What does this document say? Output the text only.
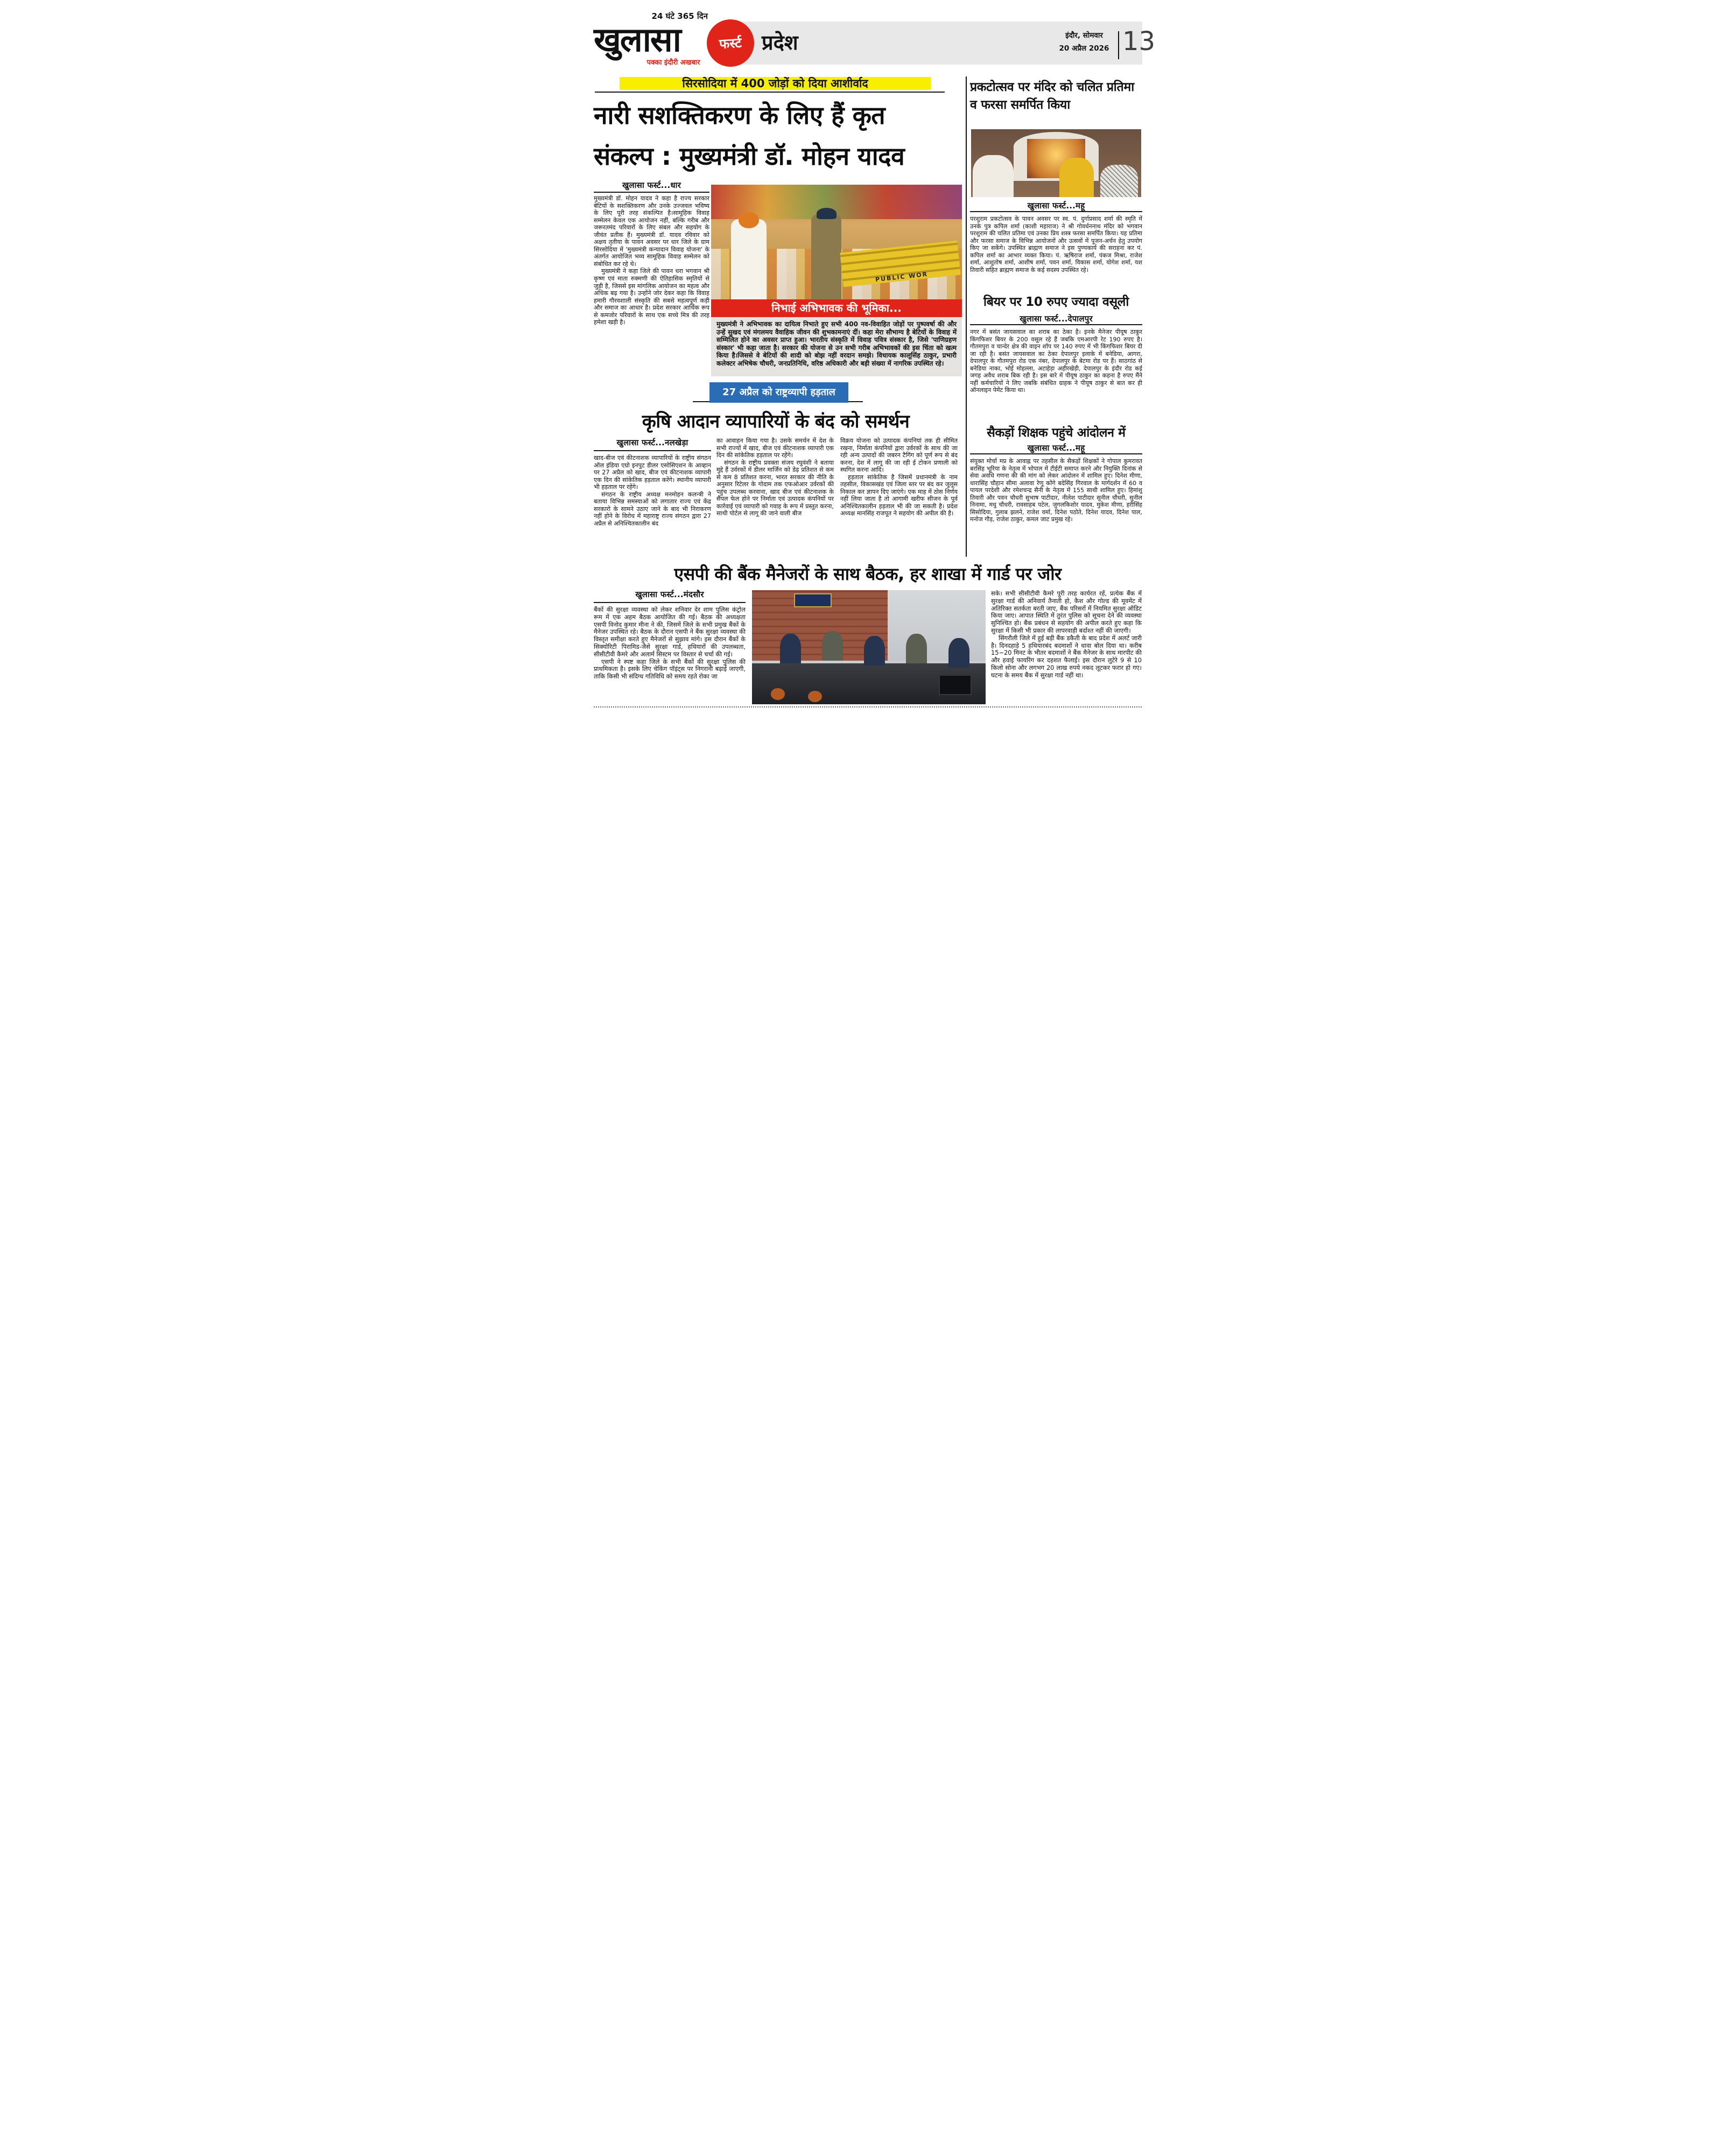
24 घंटे 365 दिन
खुलासा	फर्स्ट
पक्का इंदौरी अखबार
प्रदेश	इंदौर, सोमवार
20 अप्रैल 2026 13
सिरसोदिया में 400 जोड़ों को दिया आशीर्वाद
नारी सशक्तिकरण के लिए हैं कृत
संकल्प : मुख्यमंत्री डॉ. मोहन यादव
खुलासा फर्स्ट...धार

मुख्यमंत्री डॉ. मोहन यादव ने कहा है राज्य सरकार बेटियों के सशक्तिकरण और उनके उज्जवल भविष्य के लिए पूरी तरह संकल्पित है।सामूहिक विवाह सम्मेलन केवल एक आयोजन नहीं, बल्कि गरीब और जरूरतमंद परिवारों के लिए संबल और सहयोग के जीवंत प्रतीक हैं। मुख्यमंत्री डॉ. यादव रविवार को अक्षय तृतीया के पावन अवसर पर धार जिले के ग्राम सिरसोदिया में 'मुख्यमंत्री कन्यादान विवाह योजना' के अंतर्गत आयोजित भव्य सामूहिक विवाह सम्मेलन को संबोधित कर रहे थे।

मुख्यमंत्री ने कहा जिले की पावन धरा भगवान श्री कृष्ण एवं माता रुक्मणी की ऐतिहासिक स्मृतियों से जुड़ी है, जिससे इस मांगलिक आयोजन का महत्व और अधिक बढ़ गया है। उन्होंने जोर देकर कहा कि विवाह हमारी गौरवशाली संस्कृति की सबसे महत्वपूर्ण कड़ी और समाज का आधार है। प्रदेश सरकार आर्थिक रूप से कमजोर परिवारों के साथ एक सच्चे मित्र की तरह हमेशा खड़ी है।

PUBLIC WOR
निभाई अभिभावक की भूमिका...
मुख्यमंत्री ने अभिभावक का दायित्व निभाते हुए सभी 400 नव-विवाहित जोड़ों पर पुष्पवर्षा की और उन्हें सुखद एवं मंगलमय वैवाहिक जीवन की शुभकामनाएं दीं। कहा मेरा सौभाग्य है बेटियों के विवाह में सम्मिलित होने का अवसर प्राप्त हुआ। भारतीय संस्कृति में विवाह पवित्र संस्कार है, जिसे 'पाणिग्रहण संस्कार' भी कहा जाता है। सरकार की योजना से उन सभी गरीब अभिभावकों की इस चिंता को खत्म किया है।जिससे वे बेटियों की शादी को बोझ नहीं वरदान समझे। विधायक कालूसिंह ठाकुर, प्रभारी कलेक्टर अभिषेक चौधरी, जनप्रतिनिधि, वरिष्ठ अधिकारी और बड़ी संख्या में नागरिक उपस्थित रहे।
27 अप्रैल को राष्ट्रव्यापी हड़ताल
कृषि आदान व्यापारियों के बंद को समर्थन
खुलासा फर्स्ट...नलखेड़ा

खाद-बीज एवं कीटनाशक व्यापारियों के राष्ट्रीय संगठन ऑल इंडिया एग्रो इनपुट डीलर एसोसिएशन के आव्हान पर 27 अप्रैल को खाद, बीज एवं कीटनाशक व्यापारी एक दिन की सांकेतिक हड़ताल करेंगे। स्थानीय व्यापारी भी हड़ताल पर रहेंगे।

संगठन के राष्ट्रीय अध्यक्ष मनमोहन कलन्त्री ने बताया विभिन्न समस्याओं को लगातार राज्य एवं केंद्र सरकारो के सामने उठाए जाने के बाद भी निराकरण नहीं होने के विरोध में महाराष्ट्र राज्य संगठन द्वारा 27 अप्रैल से अनिश्चितकालीन बंद

का आवाहन किया गया है। उसके समर्थन में देश के सभी राज्यों में खाद, बीज एवं कीटनाशक व्यापारी एक दिन की सांकेतिक हड़ताल पर रहेंगे।

संगठन के राष्ट्रीय प्रवक्ता संजय रघुवंशी ने बताया मुद्दे हैं उर्वरकों में डीलर मार्जिन को डेढ़ प्रतिशत से कम से कम 8 प्रतिशत करना, भारत सरकार की नीति के अनुसार रिटेलर के गोदाम तक एफओआर उर्वरकों की पहुंच उपलब्ध करवाना, खाद बीज एवं कीटनाशक के सैंपल फेल होने पर निर्माता एवं उत्पादक कंपनियों पर कार्रवाई एवं व्यापारी को गवाह के रूप में प्रस्तुत करना, साथी पोर्टल से लागू की जाने वाली बीज

विक्रय योजना को उत्पादक कंपनियां तक ही सीमित रखना, निर्माता कंपनियों द्वारा उर्वरकों के साथ की जा रही अन्य उत्पादों की जबरन टैगिंग को पूर्ण रूप से बंद करना, देश में लागू की जा रही ई टोकन प्रणाली को स्थगित करना आदि।

हड़ताल सांकेतिक है जिसमें प्रधानमंत्री के नाम तहसील, विकासखंड एवं जिला स्तर पर बंद कर जुलूस निकाल कर ज्ञापन दिए जाएंगे। एक माह में ठोस निर्णय नहीं लिया जाता है तो आगामी खरीफ सीजन के पूर्व अनिश्चितकालीन हड़ताल भी की जा सकती है। प्रदेश अध्यक्ष मानसिंह राजपूत ने सहयोग की अपील की है।

प्रकटोत्सव पर मंदिर को चलित प्रतिमा व फरसा समर्पित किया
खुलासा फर्स्ट...महू
परशुराम प्रकटोत्सव के पावन अवसर पर स्व. पं. दुर्गाप्रसाद शर्मा की स्मृति में उनके पुत्र कपिल शर्मा (काशी महाराज) ने श्री गोवर्धननाथ मंदिर को भगवान परशुराम की चलित प्रतिमा एवं उनका प्रिय शस्त्र फरसा समर्पित किया। यह प्रतिमा और फरसा समाज के विभिन्न आयोजनों और उत्सवों में पूजन-अर्चन हेतु उपयोग किए जा सकेंगे। उपस्थित ब्राह्मण समाज ने इस पुण्यकार्य की सराहना कर पं. कपिल शर्मा का आभार व्यक्त किया। पं. ऋषिराज शर्मा, पंकज मिश्रा, राजेश शर्मा, आशुतोष शर्मा, आशीष शर्मा, पवन शर्मा, विकास शर्मा, योगेश शर्मा, यश तिवारी सहित ब्राह्मण समाज के कई सदस्य उपस्थित रहे।
बियर पर 10 रुपए ज्यादा वसूली
खुलासा फर्स्ट...देपालपुर
नगर में बसंत जायसवाल का शराब का ठेका है। इनके मैनेजर पीयूष ठाकुर किंगफिशर बियर के 200 वसूल रहे हैं जबकि एमआरपी रेट 190 रुपए है। गौतमपुरा व चान्देर क्षेत्र की वाइन शॉप पर 140 रुपए में भी किंगफिशर बियर दी जा रही है। बसंत जायसवाल का ठेका देपालपुर इलाके में बनेडिया, आगरा, देपालपुर के गौतमपुरा रोड एक नंबर, देपालपुर के बेटमा रोड पर हैं। साठगांठ से बनेडिया नाका, भोई मोहल्ला, अटाहेड़ा अहीरखेड़ी, देपालपुर के इंदौर रोड कई जगह अवैध शराब बिक रही है। इस बारे में पीयूष ठाकुर का कहना है रुपए मैंने नहीं कर्मचारियों ने लिए जबकि संबंधित ग्राहक ने पीयूष ठाकुर से बात कर ही ऑनलाइन पेमेंट किया था।
सैकड़ों शिक्षक पहुंचे आंदोलन में
खुलासा फर्स्ट...महू
संयुक्त मोर्चा मप्र के आवाह्न पर तहसील के सैकड़ों शिक्षकों ने गोपाल कुमरावत बरसिंह भूरिया के नेतृत्व में भोपाल में टीईटी समाप्त करने और नियुक्ति दिनांक से सेवा अवधि गणना की की मांग को लेकर आंदोलन में शामिल हुए। दिनेश मीणा, धारासिंह चौहान सीमा अलावा रेणू कोंगे बदेसिंह गिरवाल के मार्गदर्शन में 60 व पायल परदेशी और रमेशचन्द्र सैनी के नेतृत्व में 155 साथी शामिल हुए। हिमांशु तिवारी और पवन चौधरी सुभाष पाटीदार, नीलेश पाटीदार सुनील चौधरी, सुनील निनामा, मधु चौधरी, रावसाहब पटेल, जुगलकिशोर यादव, मुकेश मीणा, हरीसिंह सिसोदिया, गुलाब झलने, राजेश वर्मा, दिनेश पठोते, दिनेश यादव, दिनेश पाल, मनोज गौड़, राजेश ठाकुर, कमल जाट प्रमुख रहे।
एसपी की बैंक मैनेजरों के साथ बैठक, हर शाखा में गार्ड पर जोर
खुलासा फर्स्ट...मंदसौर

बैंकों की सुरक्षा व्यवस्था को लेकर शनिवार देर शाम पुलिस कंट्रोल रूम में एक अहम बैठक आयोजित की गई। बैठक की अध्यक्षता एसपी विनोद कुमार मीना ने की, जिसमें जिले के सभी प्रमुख बैंकों के मैनेजर उपस्थित रहे। बैठक के दौरान एसपी ने बैंक सुरक्षा व्यवस्था की विस्तृत समीक्षा करते हुए मैनेजरों से सुझाव मांगे। इस दौरान बैंकों के सिक्योरिटी पिरामिड-जैसे सुरक्षा गार्ड, हथियारों की उपलब्धता, सीसीटीवी कैमरे और अलार्म सिस्टम पर विस्तार से चर्चा की गई।

एसपी ने स्पष्ट कहा जिले के सभी बैंकों की सुरक्षा पुलिस की प्राथमिकता है। इसके लिए चेकिंग पॉइंट्स पर निगरानी बढ़ाई जाएगी, ताकि किसी भी संदिग्ध गतिविधि को समय रहते रोका जा

सके। सभी सीसीटीवी कैमरे पूरी तरह कार्यरत रहें, प्रत्येक बैंक में सुरक्षा गार्ड की अनिवार्य तैनाती हो, कैश और गोल्ड की मूवमेंट में अतिरिक्त सतर्कता बरती जाए, बैंक परिसरों में नियमित सुरक्षा ऑडिट किया जाए। आपात स्थिति में तुरंत पुलिस को सूचना देने की व्यवस्था सुनिश्चित हो। बैंक प्रबंधन से सहयोग की अपील करते हुए कहा कि सुरक्षा में किसी भी प्रकार की लापरवाही बर्दाश्त नहीं की जाएगी।

सिंगरौली जिले में हुई बड़ी बैंक डकैती के बाद प्रदेश में अलर्ट जारी है। दिनदहाड़े 5 हथियारबंद बदमाशों ने धावा बोल दिया था। करीब 15−20 मिनट के भीतर बदमाशों ने बैंक मैनेजर के साथ मारपीट की और हवाई फायरिंग कर दहशत फैलाई। इस दौरान लुटेरे 9 से 10 किलो सोना और लगभग 20 लाख रुपये नकद लूटकर फरार हो गए। घटना के समय बैंक में सुरक्षा गार्ड नहीं था।
